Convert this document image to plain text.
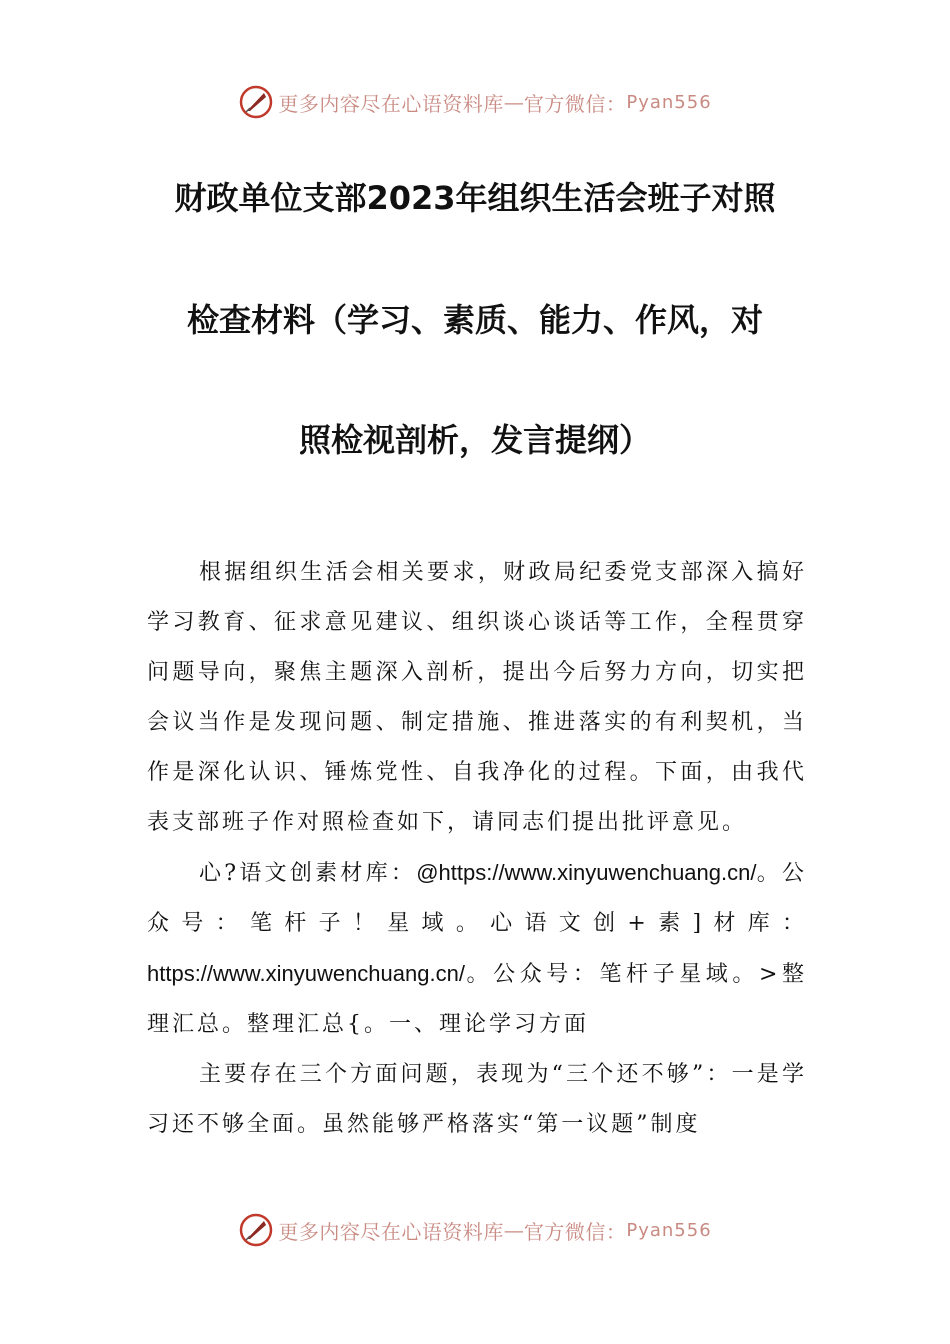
更多内容尽在心语资料库 — 官方微信： Pyan556
财政单位支部2023年组织生活会班子对照
检查材料（学习、素质、能力、作风，对
照检视剖析，发言提纲）

根据组织生活会相关要求，财政局纪委党支部深入搞好学习教育、征求意见建议、组织谈心谈话等工作，全程贯穿问题导向，聚焦主题深入剖析，提出今后努力方向，切实把会议当作是发现问题、制定措施、推进落实的有利契机，当作是深化认识、锤炼党性、自我净化的过程。下面，由我代表支部班子作对照检查如下，请同志们提出批评意见。

心?语文创素材库：@https://www.xinyuwenchuang.cn/。公众号：笔杆子！星域。心语文创+素]材库：https://www.xinyuwenchuang.cn/。公众号：笔杆子星域。>整理汇总。整理汇总{。一、理论学习方面

主要存在三个方面问题，表现为“三个还不够”：一是学习还不够全面。虽然能够严格落实“第一议题”制度

更多内容尽在心语资料库 — 官方微信： Pyan556
